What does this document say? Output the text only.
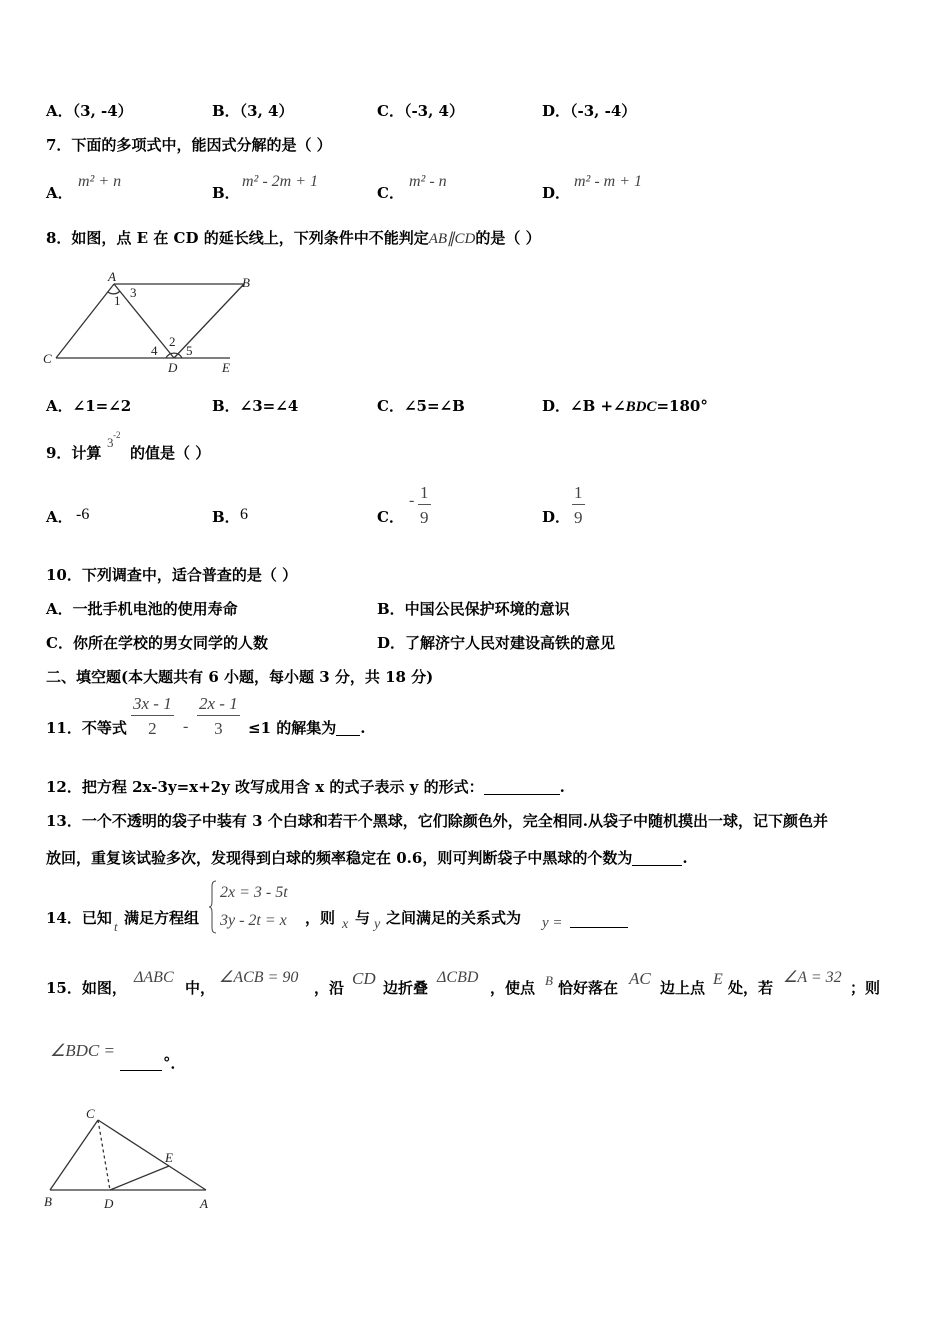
A．（3, -4）	B．（3, 4）	C．（-3, 4）	D．（-3, -4）
7．下面的多项式中，能因式分解的是（ ）
A．
m² + n
B．
m² - 2m + 1
C．
m² - n
D．
m² - m + 1
8．如图，点 E 在 CD 的延长线上，下列条件中不能判定AB∥CD的是（ ）
A	B
C
D	E
1
3
2
4 5
A．∠1=∠2	B．∠3=∠4	C．∠5=∠B	D．∠B +∠BDC=180°
9．计算
3 -2
的值是（ ）
A． -6	B． 6	C．
- $\frac{1}{9}$	D． $\frac{1}{9}$
10．下列调查中，适合普查的是（ ）
A．一批手机电池的使用寿命	B．中国公民保护环境的意识
C．你所在学校的男女同学的人数	D．了解济宁人民对建设高铁的意见
二、填空题(本大题共有 6 小题，每小题 3 分，共 18 分)
11．不等式 $\frac{3x - 1}{2} - \frac{2x - 1}{3} \le 1$ 的解集为 .
12．把方程 2x-3y=x+2y 改写成用含 x 的式子表示 y 的形式：	.
13．一个不透明的袋子中装有 3 个白球和若干个黑球，它们除颜色外，完全相同.从袋子中随机摸出一球，记下颜色并
放回，重复该试验多次，发现得到白球的频率稳定在 0.6，则可判断袋子中黑球的个数为	.
14．已知 t 满足方程组
2x = 3 - 5t
3y - 2t = x ，则 x 与 y 之间满足的关系式为 y =
15．如图，
ΔABC
中，
∠ACB = 90
，沿 CD 边折叠
ΔCBD
，使点 B 恰好落在 AC 边上点 E 处，若
∠A = 32
；则
∠BDC =
°．
C
B	D	A
E
